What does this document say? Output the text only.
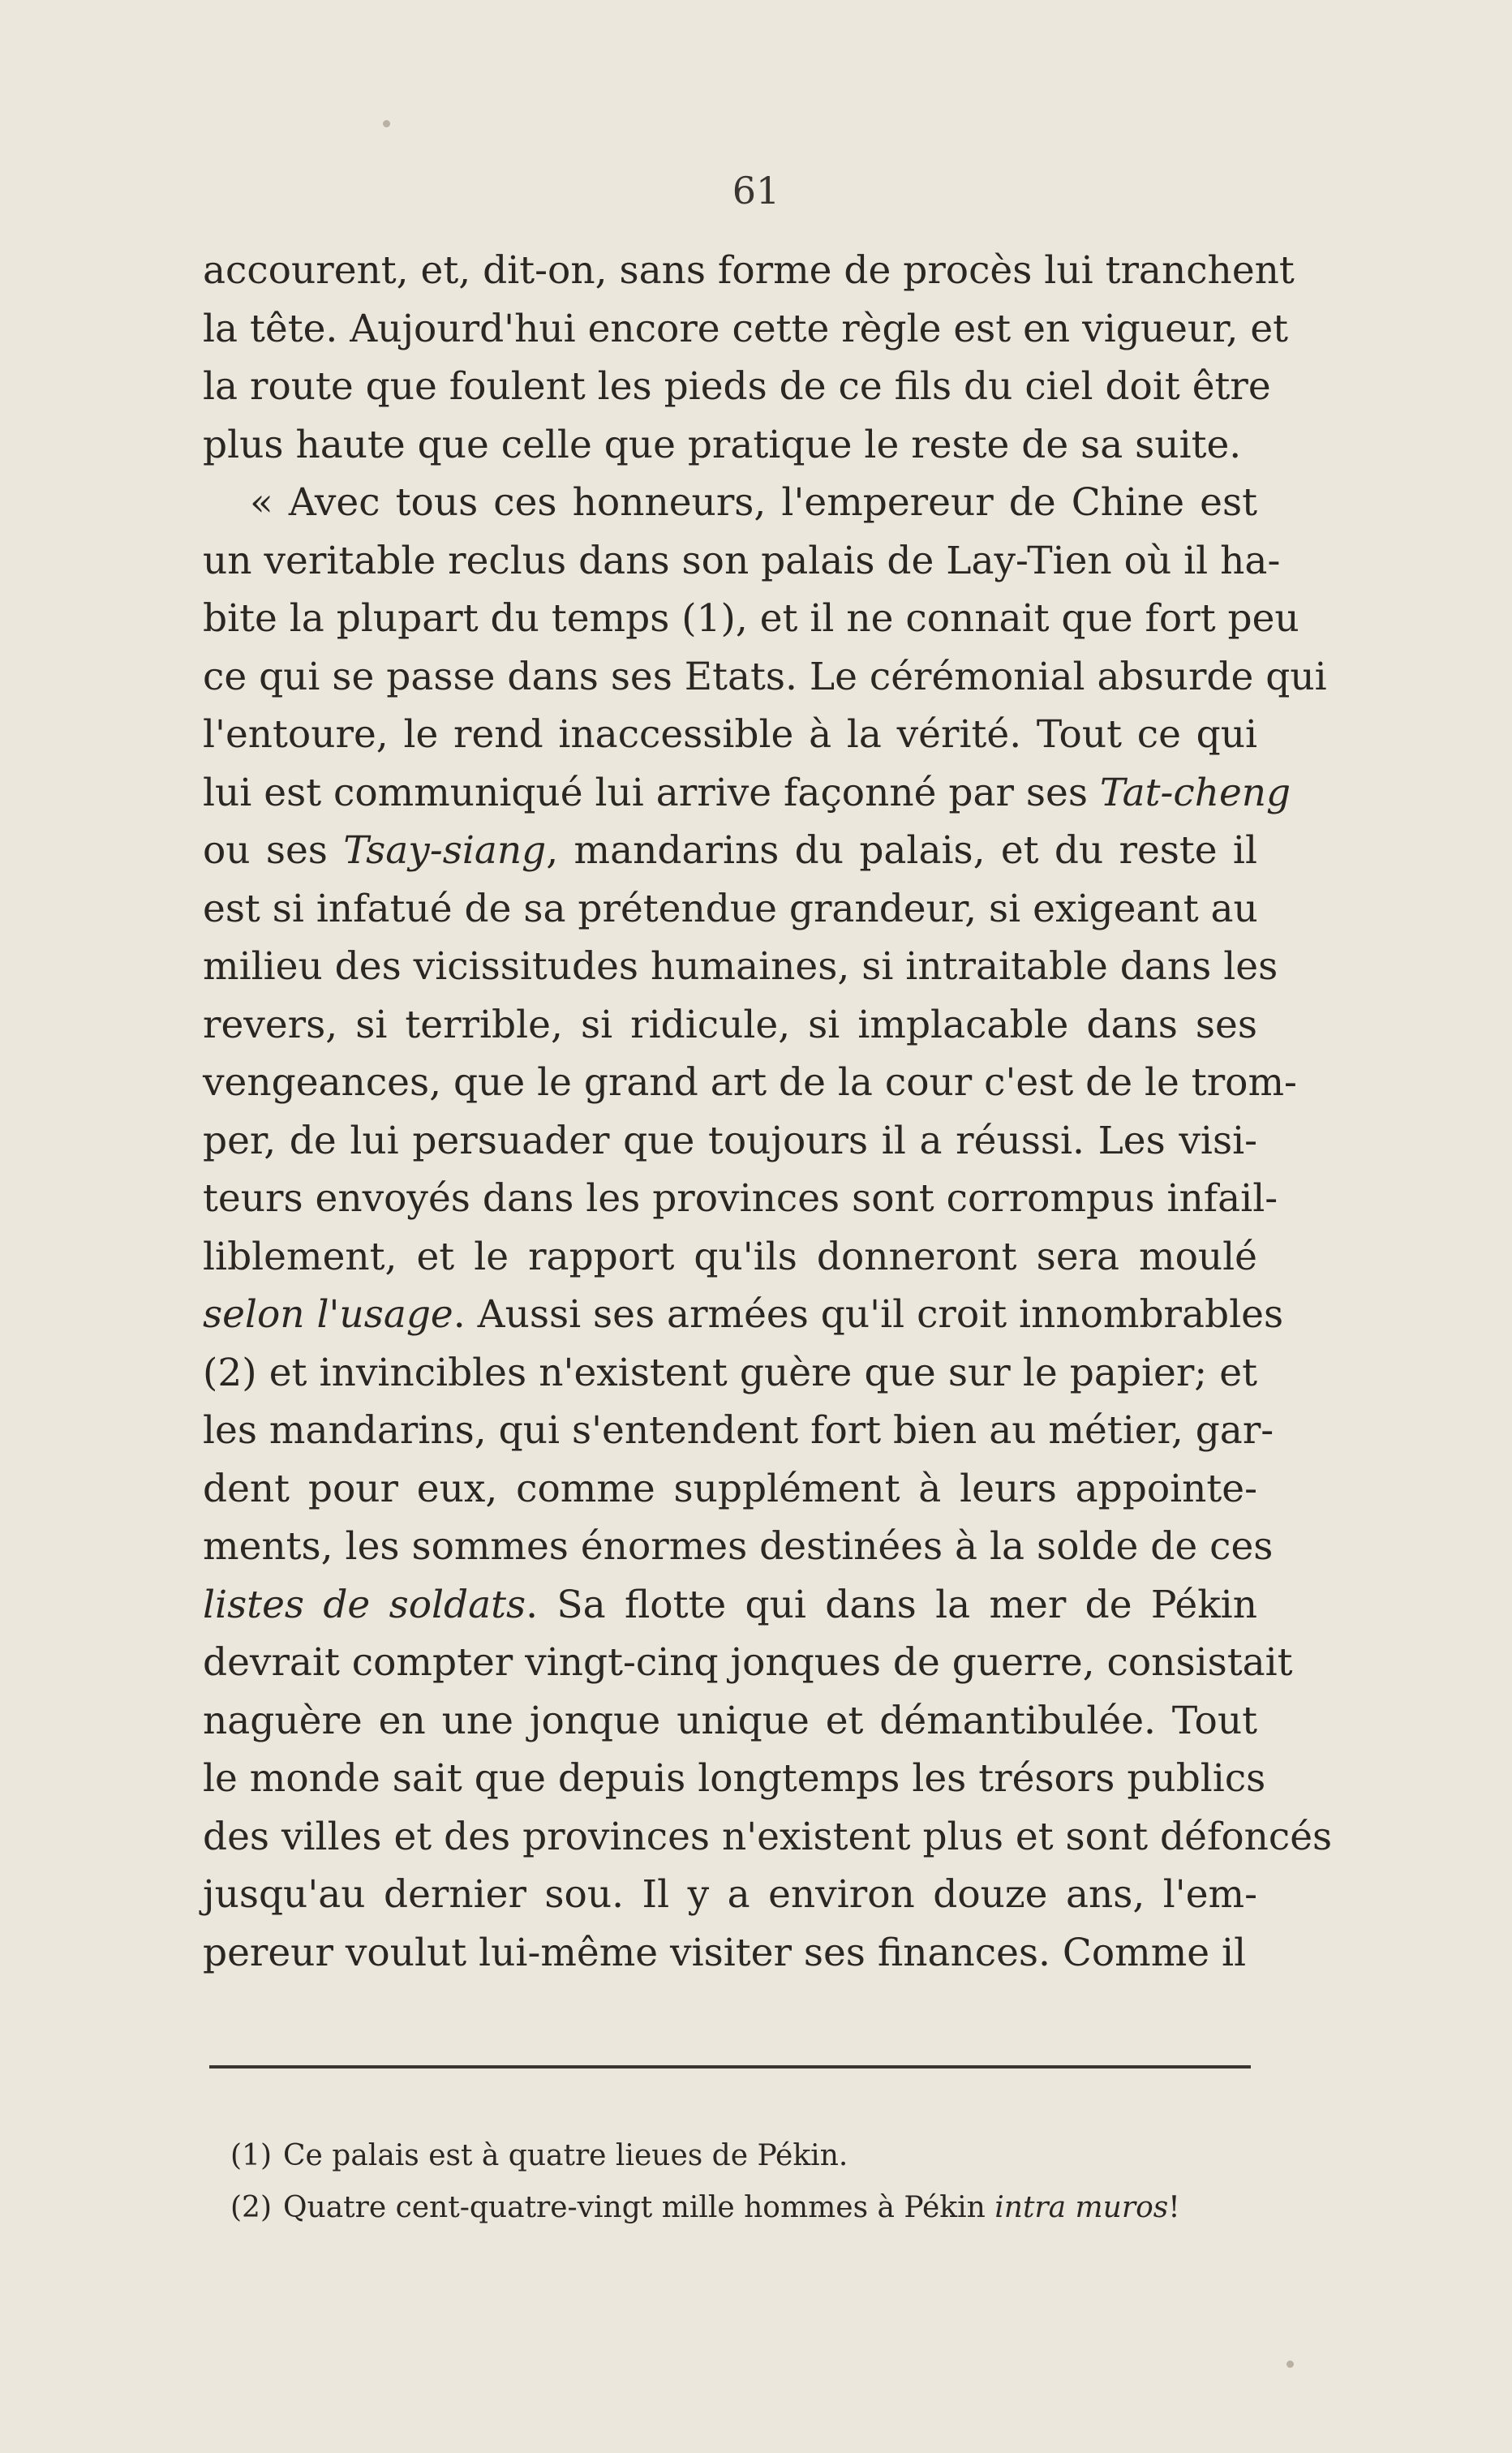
61
accourent, et, dit-on, sans forme de procès lui tranchent
la tête. Aujourd'hui encore cette règle est en vigueur, et
la route que foulent les pieds de ce fils du ciel doit être
plus haute que celle que pratique le reste de sa suite.
« Avec tous ces honneurs, l'empereur de Chine est
un veritable reclus dans son palais de Lay-Tien où il ha-
bite la plupart du temps (1), et il ne connait que fort peu
ce qui se passe dans ses Etats. Le cérémonial absurde qui
l'entoure, le rend inaccessible à la vérité. Tout ce qui
lui est communiqué lui arrive façonné par ses Tat-cheng
ou ses Tsay-siang, mandarins du palais, et du reste il
est si infatué de sa prétendue grandeur, si exigeant au
milieu des vicissitudes humaines, si intraitable dans les
revers, si terrible, si ridicule, si implacable dans ses
vengeances, que le grand art de la cour c'est de le trom-
per, de lui persuader que toujours il a réussi. Les visi-
teurs envoyés dans les provinces sont corrompus infail-
liblement, et le rapport qu'ils donneront sera moulé
selon l'usage. Aussi ses armées qu'il croit innombrables
(2) et invincibles n'existent guère que sur le papier; et
les mandarins, qui s'entendent fort bien au métier, gar-
dent pour eux, comme supplément à leurs appointe-
ments, les sommes énormes destinées à la solde de ces
listes de soldats. Sa flotte qui dans la mer de Pékin
devrait compter vingt-cinq jonques de guerre, consistait
naguère en une jonque unique et démantibulée. Tout
le monde sait que depuis longtemps les trésors publics
des villes et des provinces n'existent plus et sont défoncés
jusqu'au dernier sou. Il y a environ douze ans, l'em-
pereur voulut lui-même visiter ses finances. Comme il
(1) Ce palais est à quatre lieues de Pékin.
(2) Quatre cent-quatre-vingt mille hommes à Pékin intra muros!
